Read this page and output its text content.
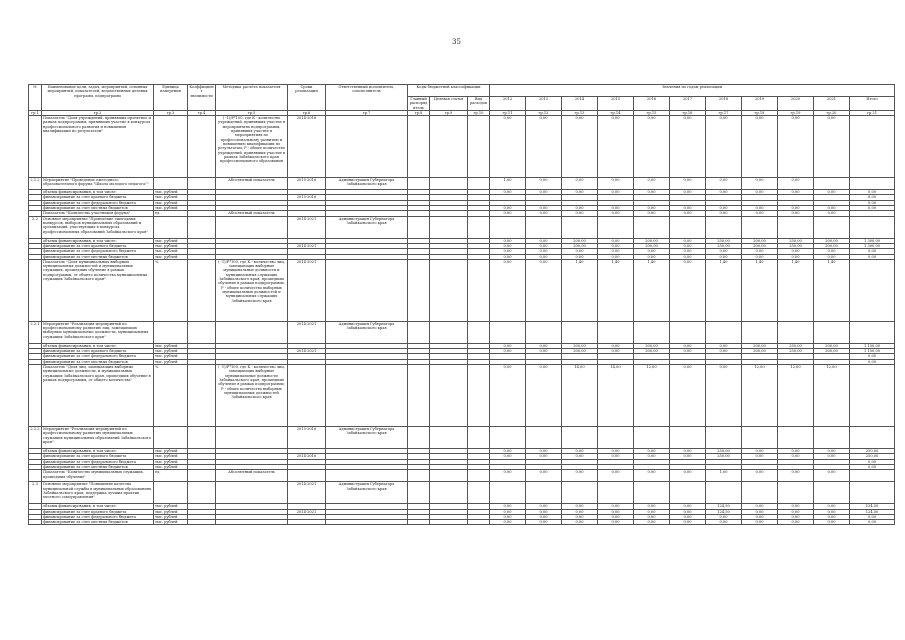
35
№	Наименование цели, задач, мероприятий, основных мероприятий, показателей, ведомственных целевых программ, подпрограмм	Единица измерения	Коэффициент значимости	Методика расчёта показателя	Сроки реализации	Ответственный исполнитель, соисполнитель	Коды бюджетной классификации			Значения по годам реализации										
							Главный распорядитель	Целевая статья	Вид расходов	2012	2013	2014	2015	2016	2017	2018	2019	2020	2021	Итого
гр.1	гр.2	гр.3	гр.4	гр.5	гр.6	гр.7	гр.8	гр.9	гр.10	гр.11	гр.12	гр.13	гр.14	гр.15	гр.16	гр.17	гр.18	гр.19	гр.20	гр.21
	Показатель "Доля учреждений, принявших проектное и рамках подпрограммы, принявших участие в конкурсах профессионального развития и повышения квалификации по результатам"			( -1)/P*100, где К - количество учреждений, принявших участие в мероприятиях подпрограммы, принявших участие в мероприятиях по профессиональному развитию и повышению квалификации по результатам; Р - общее количество учреждений, принявших участие в рамках Забайкальского края профессионального образования	2014-2018					0,00	0,00	0,00	0,00	0,00	0,00	0,00	0,00	0,00	0,00	
2.1.2	Мероприятие "Проведение ежегодного образовательного форума "Школа молодого педагога""			Абсолютный показатель	2015-2016	Администрация Губернатора Забайкальского края				1,00	0,00	0,00	0,00	0,00	0,00	0,00	0,00	0,00		
	объемы финансирования, в том числе:	тыс. рублей								0,00	0,00	0,00	0,00	0,00	0,00	0,00	0,00	0,00	0,00	0,00
	финансирование за счет краевого бюджета	тыс. рублей			2015-2016															0,00
	финансирование за счет федерального бюджета	тыс. рублей																		0,00
	финансирование за счет местных бюджетов	тыс. рублей								0,00	0,00	0,00	0,00	0,00	0,00	0,00	0,00	0,00	0,00	0,00
	Показатель "Количество участников форума"	ед.		Абсолютный показатель						0,00	0,00	0,00	0,00	0,00	0,00	0,00	0,00	0,00	0,00	
2.2	Основное мероприятие "Проведение ежегодных конкурсов, выборов муниципальных образований и организаций, участвующих в конкурсах профессиональных образований Забайкальского края"				2014-2021	Администрация Губернатора Забайкальского края														
	объемы финансирования, в том числе:	тыс. рублей								0,00	0,00	200,00	0,00	200,00	0,00	250,00	200,00	250,00	200,00	1 300,00
	финансирование за счет краевого бюджета	тыс. рублей			2014-2021					0,00	0,00	200,00	0,00	200,00	0,00	250,00	200,00	250,00	200,00	1 300,00
	финансирование за счет федерального бюджета	тыс. рублей								0,00	0,00	0,00	0,00	0,00	0,00	0,00	0,00	0,00	0,00	0,00
	финансирование за счет местных бюджетов	тыс. рублей								0,00	0,00	0,00	0,00	0,00	0,00	0,00	0,00	0,00	0,00	0,00
	Показатель "Доля муниципальных выборных муниципальных должностей и муниципальных служащих, прошедших обучение в рамках подпрограммы, от общего количества муниципальных служащих Забайкальского края"	%		( -1)/P*100, где К - количество лиц, замещающих выборные муниципальные должности и муниципальных служащих Забайкальского края, прошедших обучение в рамках подпрограммы; Р - общее количество выборных муниципальных должностей и муниципальных служащих Забайкальского края	2014-2021					0,00	0,00	1,40	1,40	1,40	0,00	1,40	1,40	1,40	1,40	
2.2.1	Мероприятие "Реализация мероприятий по профессиональному развитию лиц, замещающих выборные муниципальные должности, муниципальных служащих Забайкальского края"				2014-2021	Администрация Губернатора Забайкальского края														
	объемы финансирования, в том числе:	тыс. рублей								0,00	0,00	200,00	0,00	200,00	0,00	0,00	200,00	250,00	200,00	1 150,00
	финансирование за счет краевого бюджета	тыс. рублей			2014-2021					0,00	0,00	200,00	0,00	200,00	0,00	0,00	200,00	250,00	200,00	1 150,00
	финансирование за счет федерального бюджета	тыс. рублей																		0,00
	финансирование за счет местных бюджетов	тыс. рублей																		0,00
	Показатель "Доля лиц, замещающих выборные муниципальные должности, и муниципальных служащих Забайкальского края, прошедших обучение в рамках подпрограммы, от общего количества"	%		( -1)/P*100, где К - количество лиц, замещающих выборные муниципальные должности Забайкальского края, прошедших обучение в рамках подпрограммы; Р - общее количество выборных муниципальных должностей Забайкальского края						0,00	0,00	14,00	14,00	12,00	0,00	0,00	12,00	12,00	12,00	
2.2.2	Мероприятие "Реализация мероприятий по профессиональному развитию муниципальных служащих муниципальных образований Забайкальского края"				2015-2016	Администрация Губернатора Забайкальского края														
	объемы финансирования, в том числе:	тыс. рублей								0,00	0,00	0,00	0,00	0,00	0,00	250,00	0,00	0,00	0,00	250,00
	финансирование за счет краевого бюджета	тыс. рублей			2014-2016					0,00	0,00	0,00	0,00	0,00	0,00	250,00	0,00	0,00	0,00	250,00
	финансирование за счет федерального бюджета	тыс. рублей																		0,00
	финансирование за счет местных бюджетов	тыс. рублей																		0,00
	Показатель "Количество муниципальных служащих, прошедших обучение"	ед.		Абсолютный показатель						0,00	0,00	0,00	0,00	0,00	0,00	1,00	0,00	0,00	0,00	
2.3	Основное мероприятие "Повышение качества муниципальной службы в муниципальных образованиях Забайкальского края, поддержка лучших практик местного самоуправления"				2014-2021	Администрация Губернатора Забайкальского края														
	объемы финансирования, в том числе:	тыс. рублей								0,00	0,00	0,00	0,00	0,00	0,00	124,50	0,00	0,00	0,00	124,50
	финансирование за счет краевого бюджета	тыс. рублей			2014-2021					0,00	0,00	0,00	0,00	0,00	0,00	124,50	0,00	0,00	0,00	124,50
	финансирование за счет федерального бюджета	тыс. рублей								0,00	0,00	0,00	0,00	0,00	0,00	0,00	0,00	0,00	0,00	0,00
	финансирование за счет местных бюджетов	тыс. рублей								0,00	0,00	0,00	0,00	0,00	0,00	0,00	0,00	0,00	0,00	0,00
